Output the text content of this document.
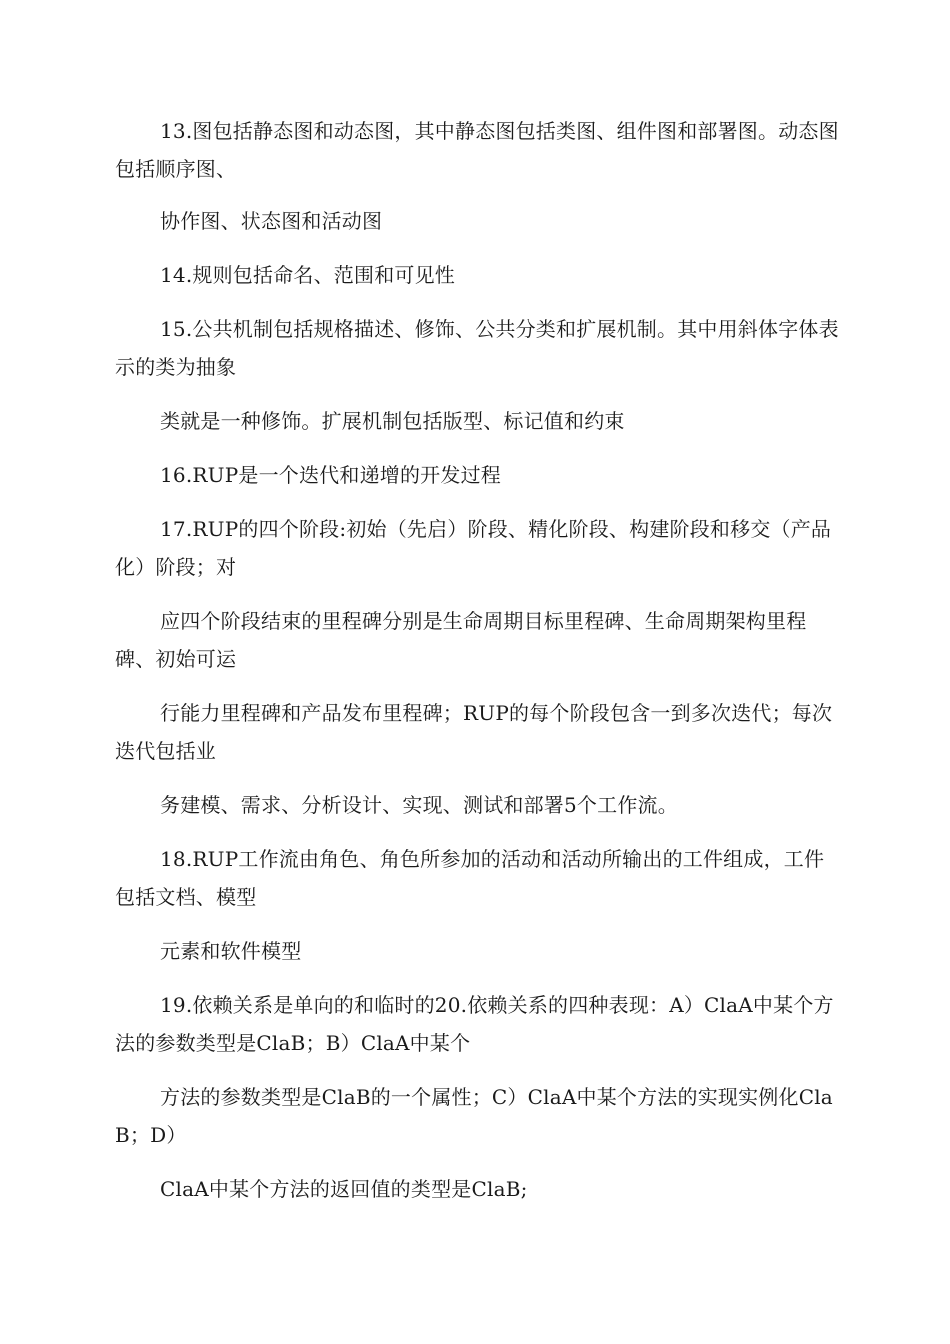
13.图包括静态图和动态图，其中静态图包括类图、组件图和部署图。动态图包括顺序图、

协作图、状态图和活动图

14.规则包括命名、范围和可见性

15.公共机制包括规格描述、修饰、公共分类和扩展机制。其中用斜体字体表示的类为抽象

类就是一种修饰。扩展机制包括版型、标记值和约束

16.RUP是一个迭代和递增的开发过程

17.RUP的四个阶段:初始（先启）阶段、精化阶段、构建阶段和移交（产品化）阶段；对

应四个阶段结束的里程碑分别是生命周期目标里程碑、生命周期架构里程碑、初始可运

行能力里程碑和产品发布里程碑；RUP的每个阶段包含一到多次迭代；每次迭代包括业

务建模、需求、分析设计、实现、测试和部署5个工作流。

18.RUP工作流由角色、角色所参加的活动和活动所输出的工件组成，工件包括文档、模型

元素和软件模型

19.依赖关系是单向的和临时的20.依赖关系的四种表现：A）ClaA中某个方法的参数类型是ClaB；B）ClaA中某个

方法的参数类型是ClaB的一个属性；C）ClaA中某个方法的实现实例化ClaB；D）

ClaA中某个方法的返回值的类型是ClaB;
